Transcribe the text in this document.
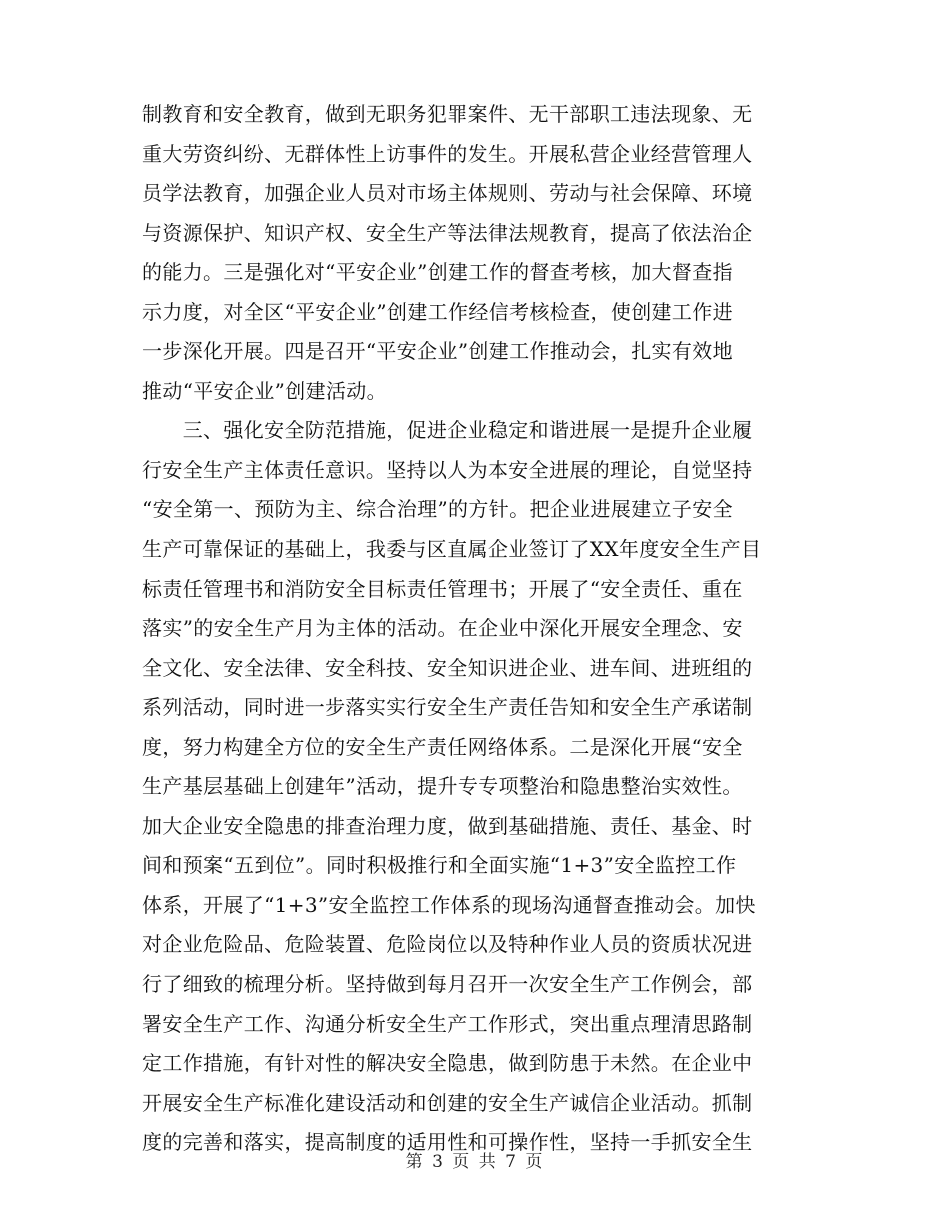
制教育和安全教育，做到无职务犯罪案件、无干部职工违法现象、无
重大劳资纠纷、无群体性上访事件的发生。开展私营企业经营管理人
员学法教育，加强企业人员对市场主体规则、劳动与社会保障、环境
与资源保护、知识产权、安全生产等法律法规教育，提高了依法治企
的能力。三是强化对“平安企业”创建工作的督查考核，加大督查指
示力度，对全区“平安企业”创建工作经信考核检查，使创建工作进
一步深化开展。四是召开“平安企业”创建工作推动会，扎实有效地
推动“平安企业”创建活动。
　　三、强化安全防范措施，促进企业稳定和谐进展一是提升企业履
行安全生产主体责任意识。坚持以人为本安全进展的理论，自觉坚持
“安全第一、预防为主、综合治理”的方针。把企业进展建立子安全
生产可靠保证的基础上，我委与区直属企业签订了XX年度安全生产目
标责任管理书和消防安全目标责任管理书；开展了“安全责任、重在
落实”的安全生产月为主体的活动。在企业中深化开展安全理念、安
全文化、安全法律、安全科技、安全知识进企业、进车间、进班组的
系列活动，同时进一步落实实行安全生产责任告知和安全生产承诺制
度，努力构建全方位的安全生产责任网络体系。二是深化开展“安全
生产基层基础上创建年”活动，提升专专项整治和隐患整治实效性。
加大企业安全隐患的排查治理力度，做到基础措施、责任、基金、时
间和预案“五到位”。同时积极推行和全面实施“1+3”安全监控工作
体系，开展了“1+3”安全监控工作体系的现场沟通督查推动会。加快
对企业危险品、危险装置、危险岗位以及特种作业人员的资质状况进
行了细致的梳理分析。坚持做到每月召开一次安全生产工作例会，部
署安全生产工作、沟通分析安全生产工作形式，突出重点理清思路制
定工作措施，有针对性的解决安全隐患，做到防患于未然。在企业中
开展安全生产标准化建设活动和创建的安全生产诚信企业活动。抓制
度的完善和落实，提高制度的适用性和可操作性，坚持一手抓安全生
第 3 页 共 7 页
